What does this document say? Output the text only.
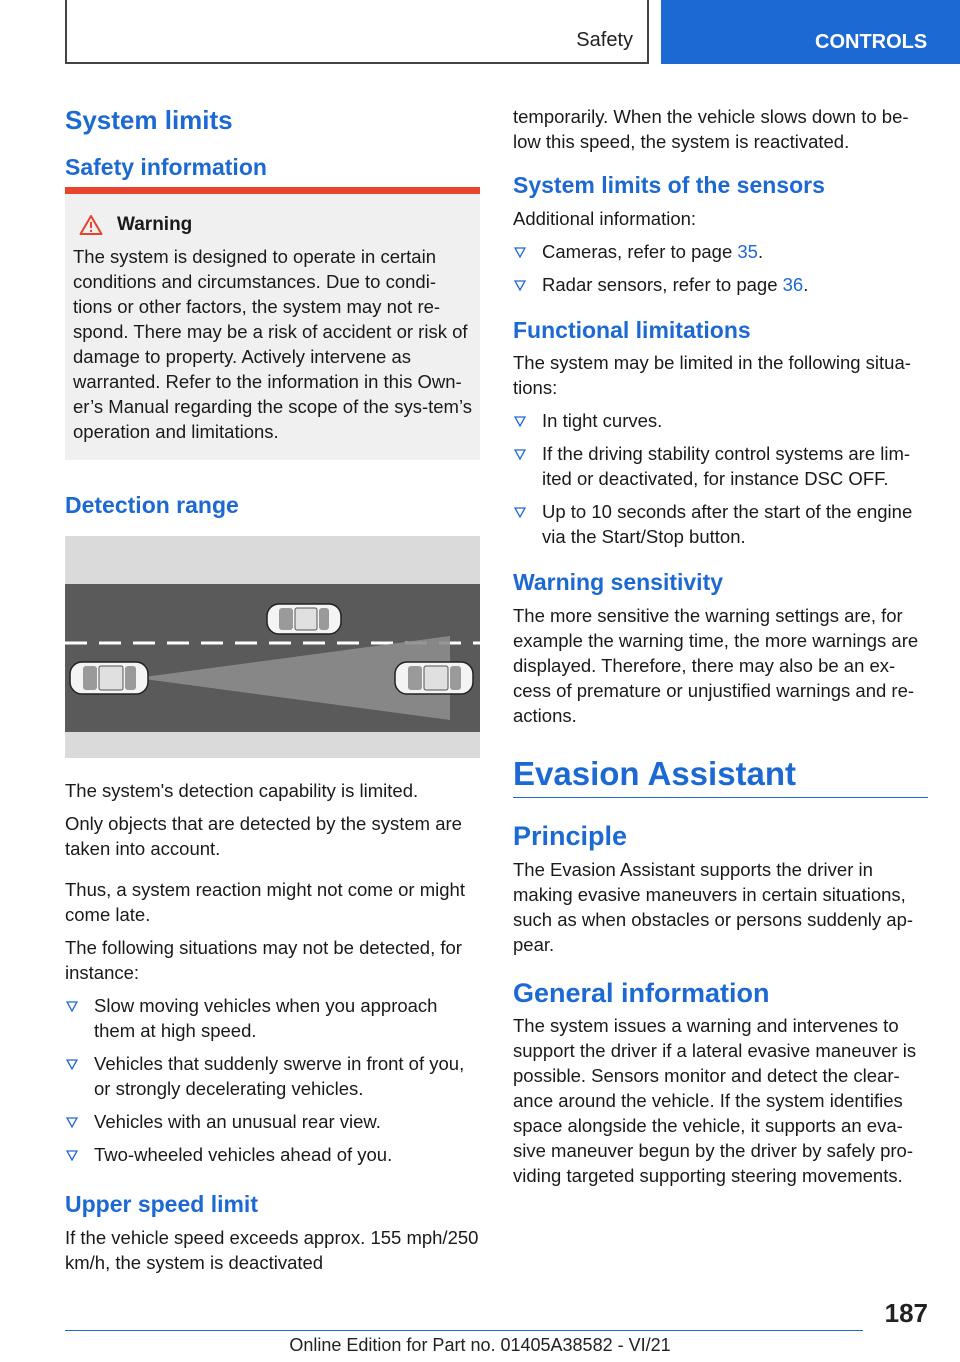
Safety	CONTROLS
System limits
Safety information
Warning

The system is designed to operate in certain conditions and circumstances. Due to condi-tions or other factors, the system may not re-spond. There may be a risk of accident or risk of damage to property. Actively intervene as warranted. Refer to the information in this Own-er’s Manual regarding the scope of the sys-tem’s operation and limitations.

Detection range

The system's detection capability is limited.

Only objects that are detected by the system are taken into account.

Thus, a system reaction might not come or might come late.

The following situations may not be detected, for instance:

Slow moving vehicles when you approach them at high speed.
Vehicles that suddenly swerve in front of you, or strongly decelerating vehicles.
Vehicles with an unusual rear view.
Two-wheeled vehicles ahead of you.
Upper speed limit

If the vehicle speed exceeds approx. 155 mph/250 km/h, the system is deactivated

temporarily. When the vehicle slows down to be-low this speed, the system is reactivated.

System limits of the sensors

Additional information:

Cameras, refer to page 35.
Radar sensors, refer to page 36.
Functional limitations

The system may be limited in the following situa-tions:

In tight curves.
If the driving stability control systems are lim-ited or deactivated, for instance DSC OFF.
Up to 10 seconds after the start of the engine via the Start/Stop button.
Warning sensitivity

The more sensitive the warning settings are, for example the warning time, the more warnings are displayed. Therefore, there may also be an ex-cess of premature or unjustified warnings and re-actions.

Evasion Assistant
Principle

The Evasion Assistant supports the driver in making evasive maneuvers in certain situations, such as when obstacles or persons suddenly ap-pear.

General information

The system issues a warning and intervenes to support the driver if a lateral evasive maneuver is possible. Sensors monitor and detect the clear-ance around the vehicle. If the system identifies space alongside the vehicle, it supports an eva-sive maneuver begun by the driver by safely pro-viding targeted supporting steering movements.

187
Online Edition for Part no. 01405A38582 - VI/21
